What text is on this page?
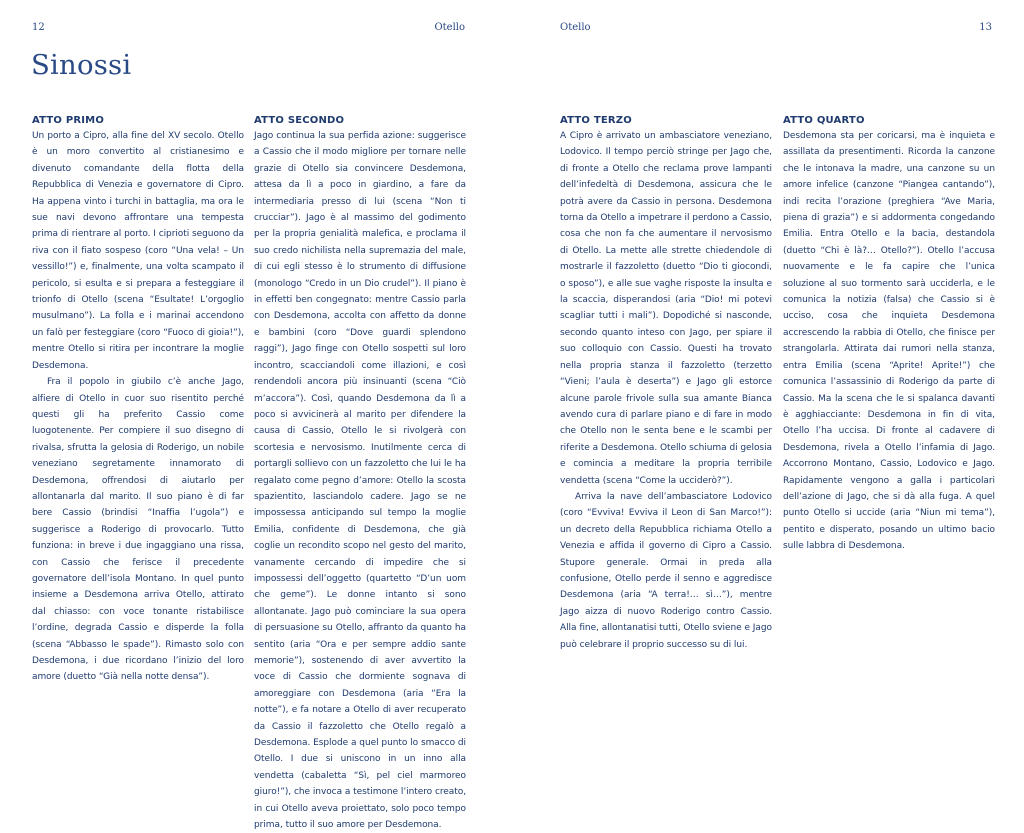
12	Otello
Sinossi
ATTO PRIMO

Un porto a Cipro, alla fine del XV secolo. Otello è un moro convertito al cristianesimo e divenuto comandante della flotta della Repubblica di Venezia e governatore di Cipro. Ha appena vinto i turchi in battaglia, ma ora le sue navi devono affrontare una tempesta prima di rientrare al porto. I ciprioti seguono da riva con il fiato sospeso (coro “Una vela! – Un vessillo!”) e, finalmente, una volta scampato il pericolo, si esulta e si prepara a festeggiare il trionfo di Otello (scena “Esultate! L’orgoglio musulmano”). La folla e i marinai accendono un falò per festeggiare (coro “Fuoco di gioia!”), mentre Otello si ritira per incontrare la moglie Desdemona.

Fra il popolo in giubilo c’è anche Jago, alfiere di Otello in cuor suo risentito perché questi gli ha preferito Cassio come luogotenente. Per compiere il suo disegno di rivalsa, sfrutta la gelosia di Roderigo, un nobile veneziano segretamente innamorato di Desdemona, offrendosi di aiutarlo per allontanarla dal marito. Il suo piano è di far bere Cassio (brindisi “Inaffia l’ugola”) e suggerisce a Roderigo di provocarlo. Tutto funziona: in breve i due ingaggiano una rissa, con Cassio che ferisce il precedente governatore dell’isola Montano. In quel punto insieme a Desdemona arriva Otello, attirato dal chiasso: con voce tonante ristabilisce l’ordine, degrada Cassio e disperde la folla (scena “Abbasso le spade”). Rimasto solo con Desdemona, i due ricordano l’inizio del loro amore (duetto “Già nella notte densa”).

ATTO SECONDO

Jago continua la sua perfida azione: suggerisce a Cassio che il modo migliore per tornare nelle grazie di Otello sia convincere Desdemona, attesa da lì a poco in giardino, a fare da intermediaria presso di lui (scena “Non ti crucciar”). Jago è al massimo del godimento per la propria genialità malefica, e proclama il suo credo nichilista nella supremazia del male, di cui egli stesso è lo strumento di diffusione (monologo “Credo in un Dio crudel”). Il piano è in effetti ben congegnato: mentre Cassio parla con Desdemona, accolta con affetto da donne e bambini (coro “Dove guardi splendono raggi”), Jago finge con Otello sospetti sul loro incontro, scacciandoli come illazioni, e così rendendoli ancora più insinuanti (scena “Ciò m’accora”). Così, quando Desdemona da lì a poco si avvicinerà al marito per difendere la causa di Cassio, Otello le si rivolgerà con scortesia e nervosismo. Inutilmente cerca di portargli sollievo con un fazzoletto che lui le ha regalato come pegno d’amore: Otello la scosta spazientito, lasciandolo cadere. Jago se ne impossessa anticipando sul tempo la moglie Emilia, confidente di Desdemona, che già coglie un recondito scopo nel gesto del marito, vanamente cercando di impedire che si impossessi dell’oggetto (quartetto “D’un uom che geme”). Le donne intanto si sono allontanate. Jago può cominciare la sua opera di persuasione su Otello, affranto da quanto ha sentito (aria “Ora e per sempre addio sante memorie”), sostenendo di aver avvertito la voce di Cassio che dormiente sognava di amoreggiare con Desdemona (aria “Era la notte”), e fa notare a Otello di aver recuperato da Cassio il fazzoletto che Otello regalò a Desdemona. Esplode a quel punto lo smacco di Otello. I due si uniscono in un inno alla vendetta (cabaletta “Sì, pel ciel marmoreo giuro!”), che invoca a testimone l’intero creato, in cui Otello aveva proiettato, solo poco tempo prima, tutto il suo amore per Desdemona.

Otello	13
ATTO TERZO

A Cipro è arrivato un ambasciatore veneziano, Lodovico. Il tempo perciò stringe per Jago che, di fronte a Otello che reclama prove lampanti dell’infedeltà di Desdemona, assicura che le potrà avere da Cassio in persona. Desdemona torna da Otello a impetrare il perdono a Cassio, cosa che non fa che aumentare il nervosismo di Otello. La mette alle strette chiedendole di mostrarle il fazzoletto (duetto “Dio ti giocondi, o sposo”), e alle sue vaghe risposte la insulta e la scaccia, disperandosi (aria “Dio! mi potevi scagliar tutti i mali”). Dopodiché si nasconde, secondo quanto inteso con Jago, per spiare il suo colloquio con Cassio. Questi ha trovato nella propria stanza il fazzoletto (terzetto “Vieni; l’aula è deserta”) e Jago gli estorce alcune parole frivole sulla sua amante Bianca avendo cura di parlare piano e di fare in modo che Otello non le senta bene e le scambi per riferite a Desdemona. Otello schiuma di gelosia e comincia a meditare la propria terribile vendetta (scena “Come la ucciderò?”).

Arriva la nave dell’ambasciatore Lodovico (coro “Evviva! Evviva il Leon di San Marco!”): un decreto della Repubblica richiama Otello a Venezia e affida il governo di Cipro a Cassio. Stupore generale. Ormai in preda alla confusione, Otello perde il senno e aggredisce Desdemona (aria “A terra!… sì…”), mentre Jago aizza di nuovo Roderigo contro Cassio. Alla fine, allontanatisi tutti, Otello sviene e Jago può celebrare il proprio successo su di lui.

ATTO QUARTO

Desdemona sta per coricarsi, ma è inquieta e assillata da presentimenti. Ricorda la canzone che le intonava la madre, una canzone su un amore infelice (canzone “Piangea cantando”), indi recita l’orazione (preghiera “Ave Maria, piena di grazia”) e si addormenta congedando Emilia. Entra Otello e la bacia, destandola (duetto “Chi è là?… Otello?”). Otello l’accusa nuovamente e le fa capire che l’unica soluzione al suo tormento sarà ucciderla, e le comunica la notizia (falsa) che Cassio si è ucciso, cosa che inquieta Desdemona accrescendo la rabbia di Otello, che finisce per strangolarla. Attirata dai rumori nella stanza, entra Emilia (scena “Aprite! Aprite!”) che comunica l’assassinio di Roderigo da parte di Cassio. Ma la scena che le si spalanca davanti è agghiacciante: Desdemona in fin di vita, Otello l’ha uccisa. Di fronte al cadavere di Desdemona, rivela a Otello l’infamia di Jago. Accorrono Montano, Cassio, Lodovico e Jago. Rapidamente vengono a galla i particolari dell’azione di Jago, che si dà alla fuga. A quel punto Otello si uccide (aria “Niun mi tema”), pentito e disperato, posando un ultimo bacio sulle labbra di Desdemona.
